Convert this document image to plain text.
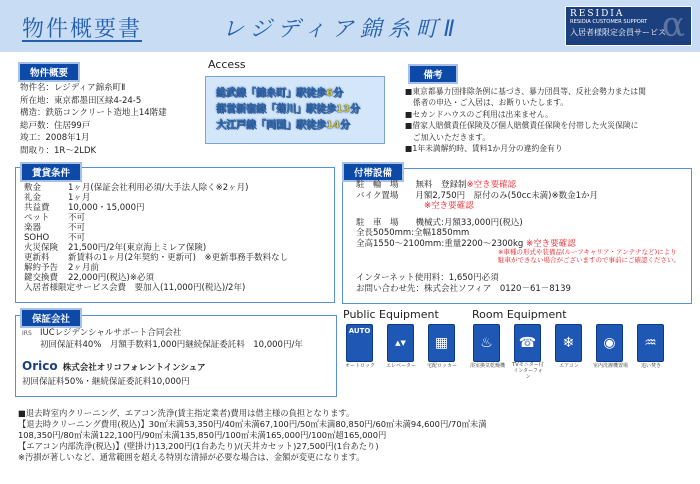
物件概要書	レジディア錦糸町Ⅱ	α
RESIDIA
RESIDIA CUSTOMER SUPPORT
入居者様限定会員サービス
物件概要
物件名：レジディア錦糸町Ⅱ
所在地：東京都墨田区緑4-24-5
構造：鉄筋コンクリート造地上14階建
総戸数：住居99戸
竣工：2008年1月
間取り：1R～2LDK
Access
総武線「錦糸町」駅徒歩6分
都営新宿線「菊川」駅徒歩13分
大江戸線「両国」駅徒歩14分
備考
■東京都暴力団排除条例に基づき、暴力団員等、反社会勢力または関
　係者の申込・ご入居は、お断りいたします。
■セカンドハウスのご利用は出来ません。
■借家人賠償責任保険及び個人賠償責任保険を付帯した火災保険に
　ご加入いただきます。
■1年未満解約時、賃料1か月分の違約金有り
賃貸条件
敷金	1ヶ月(保証会社利用必須/大手法人除く※2ヶ月)
礼金	1ヶ月
共益費 10,000・15,000円
ペット 不可
楽器	不可
SOHO 不可
火災保険 21,500円/2年(東京海上ミレア保険)
更新料 新賃料の1ヶ月(2年契約・更新可)　※更新事務手数料なし
解約予告 2ヶ月前
鍵交換費 22,000円(税込)※必須
入居者様限定サービス会費　要加入(11,000円(税込)/2年)
付帯設備
駐　輪　場　　無料　登録制※空き要確認
バイク置場　　月額2,750円　原付のみ(50cc未満)※数金1か月
※空き要確認
駐　車　場　　機械式:月額33,000円(税込)
全長5050mm:全幅1850mm
全高1550～2100mm:重量2200～2300kg ※空き要確認
※車種の形式や装備品(ルーフキャリア・アンテナなど)により
駐車ができない場合がございますので事前にご確認ください。
インターネット使用料：1,650円必須
お問い合わせ先：株式会社ソフィア　0120－61－8139
保証会社
IRS IUCレジデンシャルサポート合同会社
初回保証料40%　月額手数料1,000円継続保証委託料　10,000円/年
Orico 株式会社オリコフォレントインシュア
初回保証料50%・継続保証委託料10,000円
Public Equipment
AUTO
オートロック
▲▼
エレベーター
▦
宅配ロッカー
Room Equipment
♨
浴室換気乾燥機
☎
TVモニター付インターフォン
❄
エアコン
◉
室内洗濯機置場
♒
追い焚き
■退去時室内クリーニング、エアコン洗浄(賃主指定業者)費用は借主様の負担となります。
【退去時クリーニング費用(税込)】30㎡未満53,350円/40㎡未満67,100円/50㎡未満80,850円/60㎡未満94,600円/70㎡未満
108,350円/80㎡未満122,100円/90㎡未満135,850円/100㎡未満165,000円/100㎡超165,000円
【エアコン内部洗浄(税込)】(壁掛け)13,200円(1台あたり)/(天井カセット)27,500円(1台あたり)
※汚損が著しいなど、通常範囲を超える特別な清掃が必要な場合は、金額が変更になります。
